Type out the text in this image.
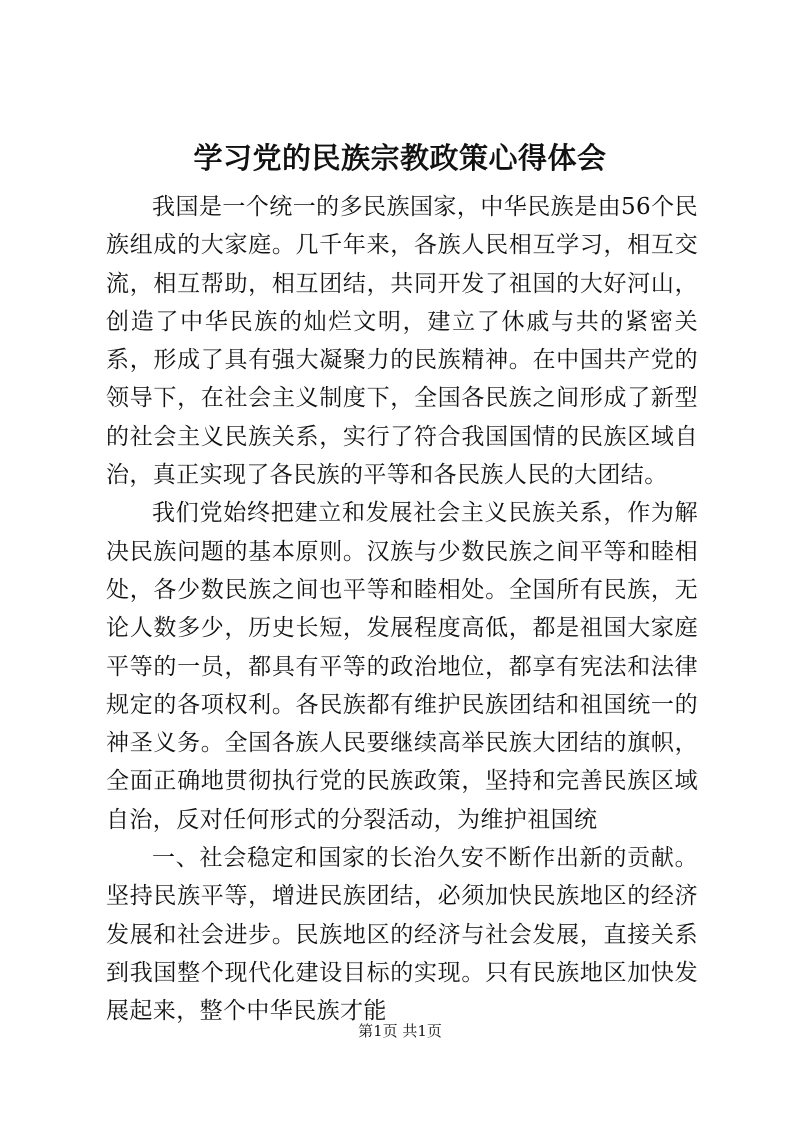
学习党的民族宗教政策心得体会

我国是一个统一的多民族国家，中华民族是由56个民族组成的大家庭。几千年来，各族人民相互学习，相互交流，相互帮助，相互团结，共同开发了祖国的大好河山，创造了中华民族的灿烂文明，建立了休戚与共的紧密关系，形成了具有强大凝聚力的民族精神。在中国共产党的领导下，在社会主义制度下，全国各民族之间形成了新型的社会主义民族关系，实行了符合我国国情的民族区域自治，真正实现了各民族的平等和各民族人民的大团结。

我们党始终把建立和发展社会主义民族关系，作为解决民族问题的基本原则。汉族与少数民族之间平等和睦相处，各少数民族之间也平等和睦相处。全国所有民族，无论人数多少，历史长短，发展程度高低，都是祖国大家庭平等的一员，都具有平等的政治地位，都享有宪法和法律规定的各项权利。各民族都有维护民族团结和祖国统一的神圣义务。全国各族人民要继续高举民族大团结的旗帜，全面正确地贯彻执行党的民族政策，坚持和完善民族区域自治，反对任何形式的分裂活动，为维护祖国统

一、社会稳定和国家的长治久安不断作出新的贡献。坚持民族平等，增进民族团结，必须加快民族地区的经济发展和社会进步。民族地区的经济与社会发展，直接关系到我国整个现代化建设目标的实现。只有民族地区加快发展起来，整个中华民族才能

第1页 共1页
